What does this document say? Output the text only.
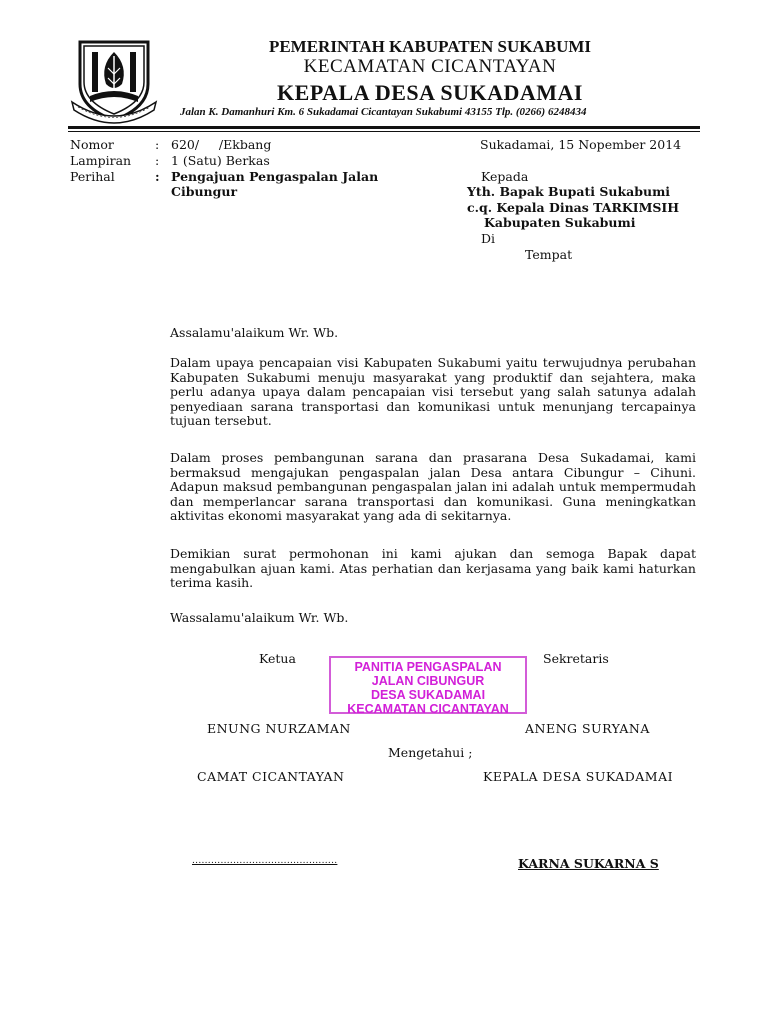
PEMERINTAH KABUPATEN SUKABUMI
KECAMATAN CICANTAYAN
KEPALA DESA SUKADAMAI
Jalan K. Damanhuri Km. 6 Sukadamai Cicantayan Sukabumi 43155 Tlp. (0266) 6248434
Nomor	: 620/     /Ekbang
Lampiran : 1 (Satu) Berkas
Perihal	: Pengajuan Pengaspalan Jalan
Cibungur
Sukadamai, 15 Nopember 2014
Kepada
Yth. Bapak Bupati Sukabumi
c.q. Kepala Dinas TARKIMSIH
Kabupaten Sukabumi
Di
Tempat
Assalamu'alaikum Wr. Wb.
Dalam upaya pencapaian visi Kabupaten Sukabumi yaitu terwujudnya perubahan Kabupaten Sukabumi menuju masyarakat yang produktif dan sejahtera, maka perlu adanya upaya dalam pencapaian visi tersebut yang salah satunya adalah penyediaan sarana transportasi dan komunikasi untuk menunjang tercapainya tujuan tersebut.
Dalam proses pembangunan sarana dan prasarana Desa Sukadamai, kami bermaksud mengajukan pengaspalan jalan Desa antara Cibungur – Cihuni. Adapun maksud pembangunan pengaspalan jalan ini adalah untuk mempermudah dan memperlancar sarana transportasi dan komunikasi. Guna meningkatkan aktivitas ekonomi masyarakat yang ada di sekitarnya.
Demikian surat permohonan ini kami ajukan dan semoga Bapak dapat mengabulkan ajuan kami. Atas perhatian dan kerjasama yang baik kami haturkan terima kasih.
Wassalamu'alaikum Wr. Wb.
Ketua	Sekretaris
PANITIA PENGASPALAN
JALAN CIBUNGUR
DESA SUKADAMAI
KECAMATAN CICANTAYAN
ENUNG NURZAMAN	ANENG SURYANA
Mengetahui ;
CAMAT CICANTAYAN	KEPALA DESA SUKADAMAI
..............................................	KARNA SUKARNA S
